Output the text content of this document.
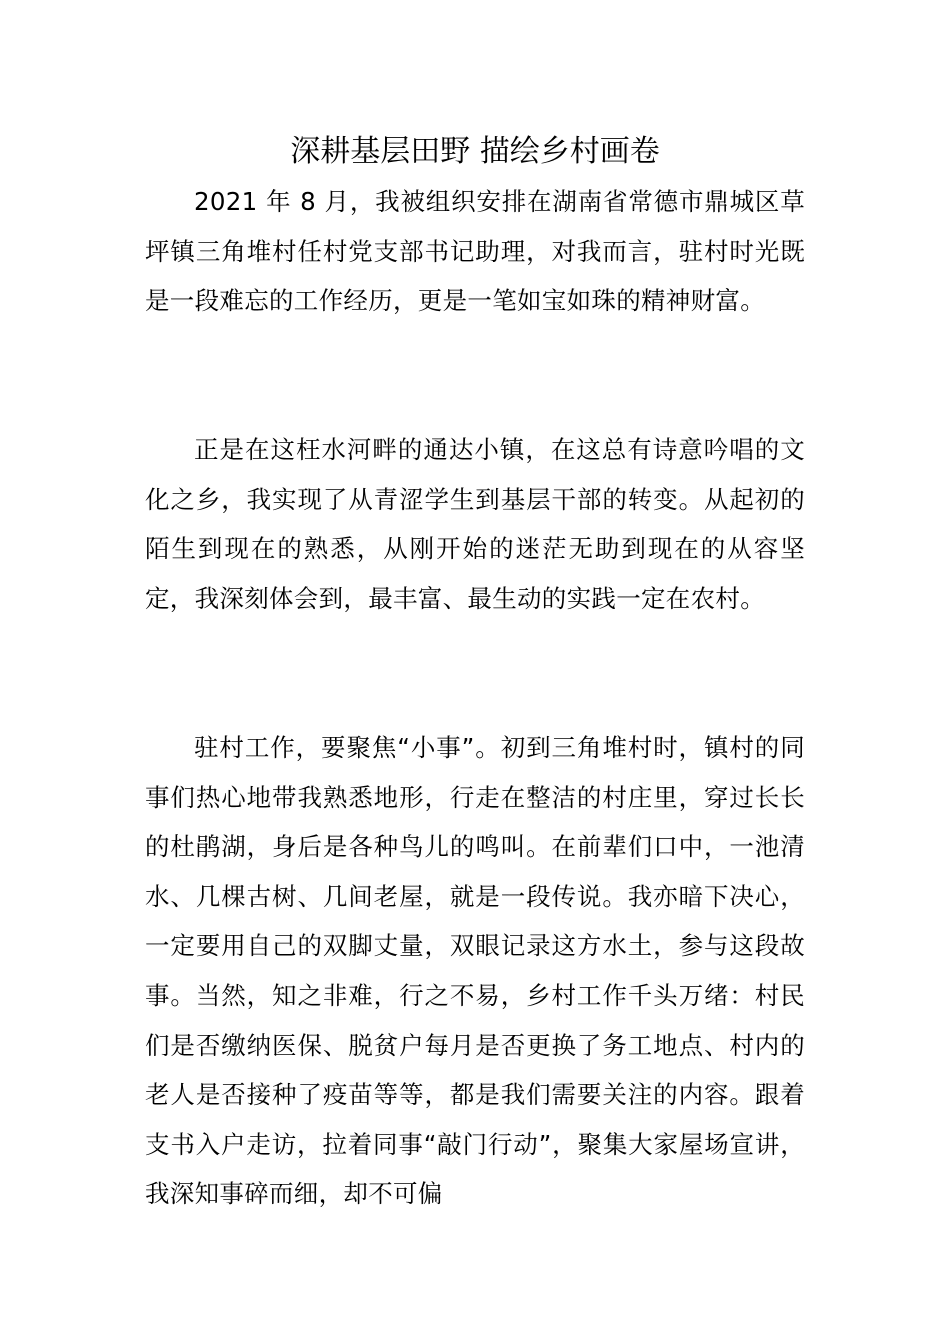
深耕基层田野 描绘乡村画卷

2021 年 8 月，我被组织安排在湖南省常德市鼎城区草坪镇三角堆村任村党支部书记助理，对我而言，驻村时光既是一段难忘的工作经历，更是一笔如宝如珠的精神财富。

正是在这枉水河畔的通达小镇，在这总有诗意吟唱的文化之乡，我实现了从青涩学生到基层干部的转变。从起初的陌生到现在的熟悉，从刚开始的迷茫无助到现在的从容坚定，我深刻体会到，最丰富、最生动的实践一定在农村。

驻村工作，要聚焦“小事”。初到三角堆村时，镇村的同事们热心地带我熟悉地形，行走在整洁的村庄里，穿过长长的杜鹃湖，身后是各种鸟儿的鸣叫。在前辈们口中，一池清水、几棵古树、几间老屋，就是一段传说。我亦暗下决心，一定要用自己的双脚丈量，双眼记录这方水土，参与这段故事。当然，知之非难，行之不易，乡村工作千头万绪：村民们是否缴纳医保、脱贫户每月是否更换了务工地点、村内的老人是否接种了疫苗等等，都是我们需要关注的内容。跟着支书入户走访，拉着同事“敲门行动”，聚集大家屋场宣讲，我深知事碎而细，却不可偏
